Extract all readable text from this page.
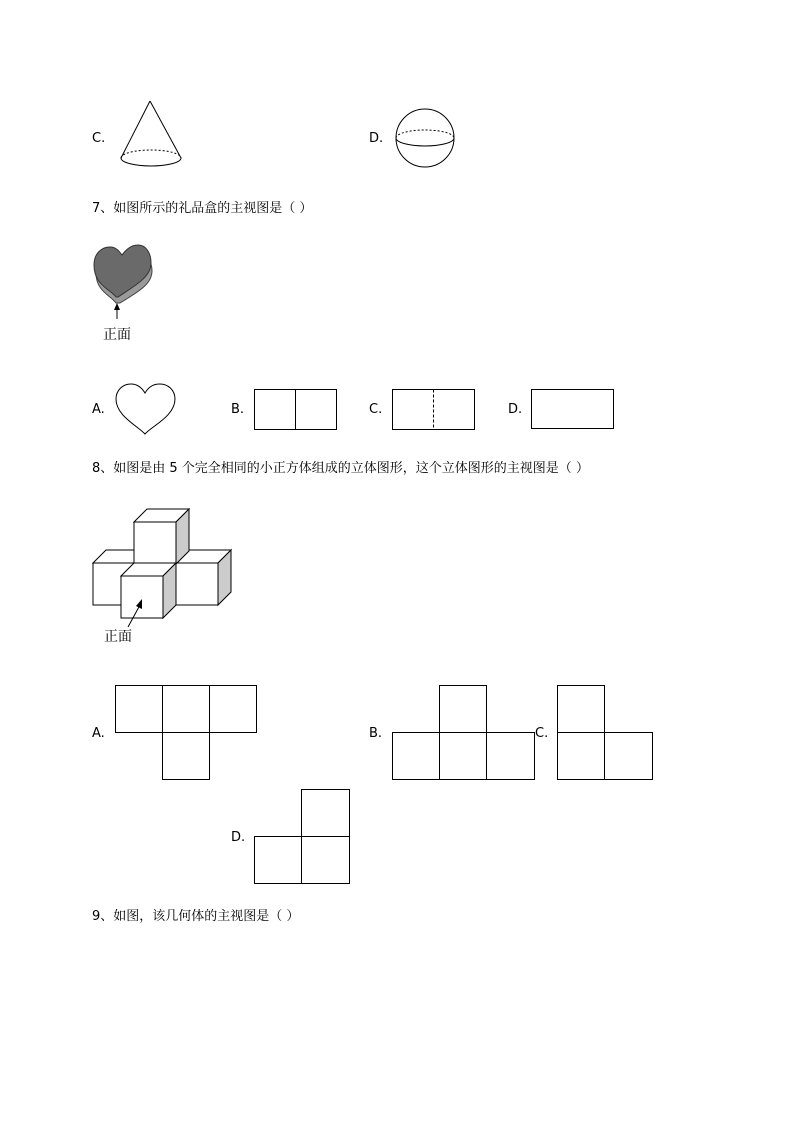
C.	D.
7、如图所示的礼品盒的主视图是（ ）
正面
A.	B.	C.	D.
8、如图是由 5 个完全相同的小正方体组成的立体图形，这个立体图形的主视图是（ ）
正面
A.	B.	C.
D.
9、如图，该几何体的主视图是（ ）
